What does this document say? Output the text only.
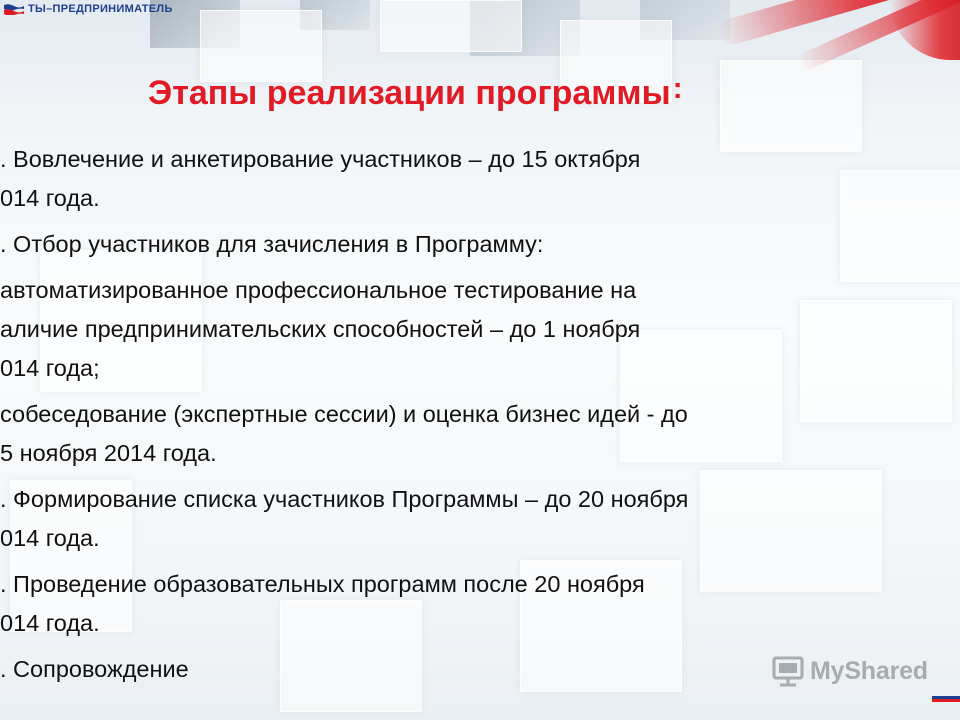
ТЫ–ПРЕДПРИНИМАТЕЛЬ
Этапы реализации программы:
. Вовлечение и анкетирование участников – до 15 октября
014 года.
. Отбор участников для зачисления в Программу:
автоматизированное профессиональное тестирование на
аличие предпринимательских способностей – до 1 ноября
014 года;
собеседование (экспертные сессии) и оценка бизнес идей - до
5 ноября 2014 года.
. Формирование списка участников Программы – до 20 ноября
014 года.
. Проведение образовательных программ после 20 ноября
014 года.
. Сопровождение	MyShared
